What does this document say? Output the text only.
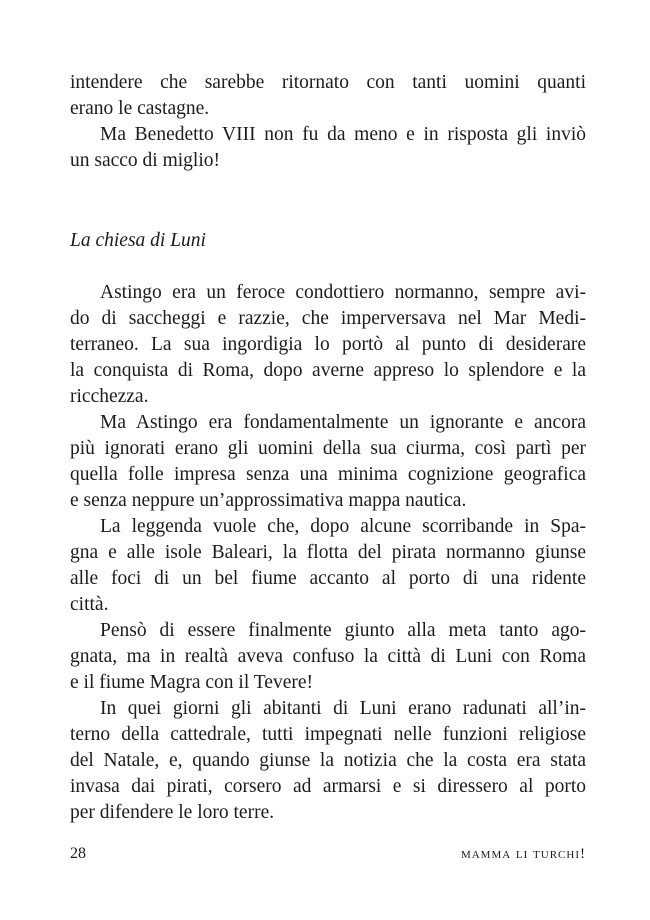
intendere che sarebbe ritornato con tanti uomini quanti
erano le castagne.
Ma Benedetto VIII non fu da meno e in risposta gli inviò
un sacco di miglio!
La chiesa di Luni
Astingo era un feroce condottiero normanno, sempre avi-
do di saccheggi e razzie, che imperversava nel Mar Medi-
terraneo. La sua ingordigia lo portò al punto di desiderare
la conquista di Roma, dopo averne appreso lo splendore e la
ricchezza.
Ma Astingo era fondamentalmente un ignorante e ancora
più ignorati erano gli uomini della sua ciurma, così partì per
quella folle impresa senza una minima cognizione geografica
e senza neppure un’approssimativa mappa nautica.
La leggenda vuole che, dopo alcune scorribande in Spa-
gna e alle isole Baleari, la flotta del pirata normanno giunse
alle foci di un bel fiume accanto al porto di una ridente
città.
Pensò di essere finalmente giunto alla meta tanto ago-
gnata, ma in realtà aveva confuso la città di Luni con Roma
e il fiume Magra con il Tevere!
In quei giorni gli abitanti di Luni erano radunati all’in-
terno della cattedrale, tutti impegnati nelle funzioni religiose
del Natale, e, quando giunse la notizia che la costa era stata
invasa dai pirati, corsero ad armarsi e si diressero al porto
per difendere le loro terre.
28	mamma li turchi!
